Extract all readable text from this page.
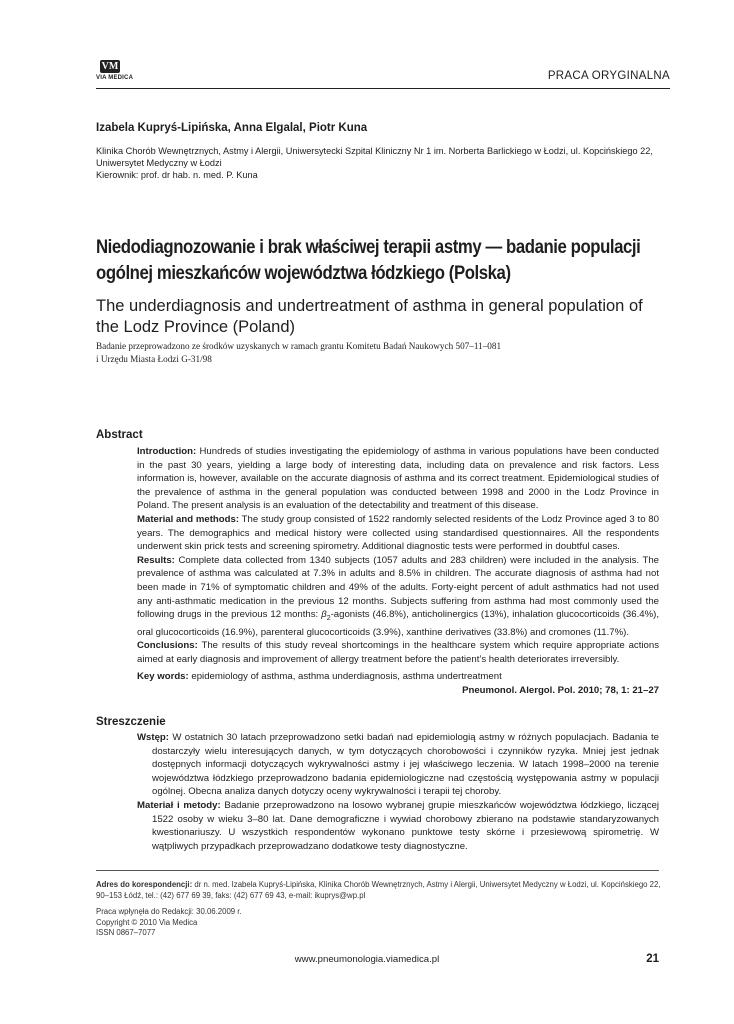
VM
VIA MEDICA	PRACA ORYGINALNA
Izabela Kupryś-Lipińska, Anna Elgalal, Piotr Kuna
Klinika Chorób Wewnętrznych, Astmy i Alergii, Uniwersytecki Szpital Kliniczny Nr 1 im. Norberta Barlickiego w Łodzi, ul. Kopcińskiego 22,
Uniwersytet Medyczny w Łodzi
Kierownik: prof. dr hab. n. med. P. Kuna
Niedodiagnozowanie i brak właściwej terapii astmy — badanie populacji ogólnej mieszkańców województwa łódzkiego (Polska)
The underdiagnosis and undertreatment of asthma in general population of the Lodz Province (Poland)
Badanie przeprowadzono ze środków uzyskanych w ramach grantu Komitetu Badań Naukowych 507–11–081
i Urzędu Miasta Łodzi G-31/98
Abstract

Introduction: Hundreds of studies investigating the epidemiology of asthma in various populations have been conducted in the past 30 years, yielding a large body of interesting data, including data on prevalence and risk factors. Less information is, however, available on the accurate diagnosis of asthma and its correct treatment. Epidemiological studies of the prevalence of asthma in the general population was conducted between 1998 and 2000 in the Lodz Province in Poland. The present analysis is an evaluation of the detectability and treatment of this disease.

Material and methods: The study group consisted of 1522 randomly selected residents of the Lodz Province aged 3 to 80 years. The demographics and medical history were collected using standardised questionnaires. All the respondents underwent skin prick tests and screening spirometry. Additional diagnostic tests were performed in doubtful cases.

Results: Complete data collected from 1340 subjects (1057 adults and 283 children) were included in the analysis. The prevalence of asthma was calculated at 7.3% in adults and 8.5% in children. The accurate diagnosis of asthma had not been made in 71% of symptomatic children and 49% of the adults. Forty-eight percent of adult asthmatics had not used any anti-asthmatic medication in the previous 12 months. Subjects suffering from asthma had most commonly used the following drugs in the previous 12 months: $\beta_2$-agonists (46.8%), anticholinergics (13%), inhalation glucocorticoids (36.4%), oral glucocorticoids (16.9%), parenteral glucocorticoids (3.9%), xanthine derivatives (33.8%) and cromones (11.7%).

Conclusions: The results of this study reveal shortcomings in the healthcare system which require appropriate actions aimed at early diagnosis and improvement of allergy treatment before the patient’s health deteriorates irreversibly.

Key words: epidemiology of asthma, asthma underdiagnosis, asthma undertreatment
Pneumonol. Alergol. Pol. 2010; 78, 1: 21–27
Streszczenie

Wstęp: W ostatnich 30 latach przeprowadzono setki badań nad epidemiologią astmy w różnych populacjach. Badania te dostarczyły wielu interesujących danych, w tym dotyczących chorobowości i czynników ryzyka. Mniej jest jednak dostępnych informacji dotyczących wykrywalności astmy i jej właściwego leczenia. W latach 1998–2000 na terenie województwa łódzkiego przeprowadzono badania epidemiologiczne nad częstością występowania astmy w populacji ogólnej. Obecna analiza danych dotyczy oceny wykrywalności i terapii tej choroby.

Materiał i metody: Badanie przeprowadzono na losowo wybranej grupie mieszkańców województwa łódzkiego, liczącej 1522 osoby w wieku 3–80 lat. Dane demograficzne i wywiad chorobowy zbierano na podstawie standaryzowanych kwestionariuszy. U wszystkich respondentów wykonano punktowe testy skórne i przesiewową spirometrię. W wątpliwych przypadkach przeprowadzano dodatkowe testy diagnostyczne.

Adres do korespondencji: dr n. med. Izabela Kupryś-Lipińska, Klinika Chorób Wewnętrznych, Astmy i Alergii, Uniwersytet Medyczny w Łodzi, ul. Kopcińskiego 22, 90–153 Łódź, tel.: (42) 677 69 39, faks: (42) 677 69 43, e-mail: ikuprys@wp.pl
Praca wpłynęła do Redakcji: 30.06.2009 r.
Copyright © 2010 Via Medica
ISSN 0867–7077
www.pneumonologia.viamedica.pl	21
